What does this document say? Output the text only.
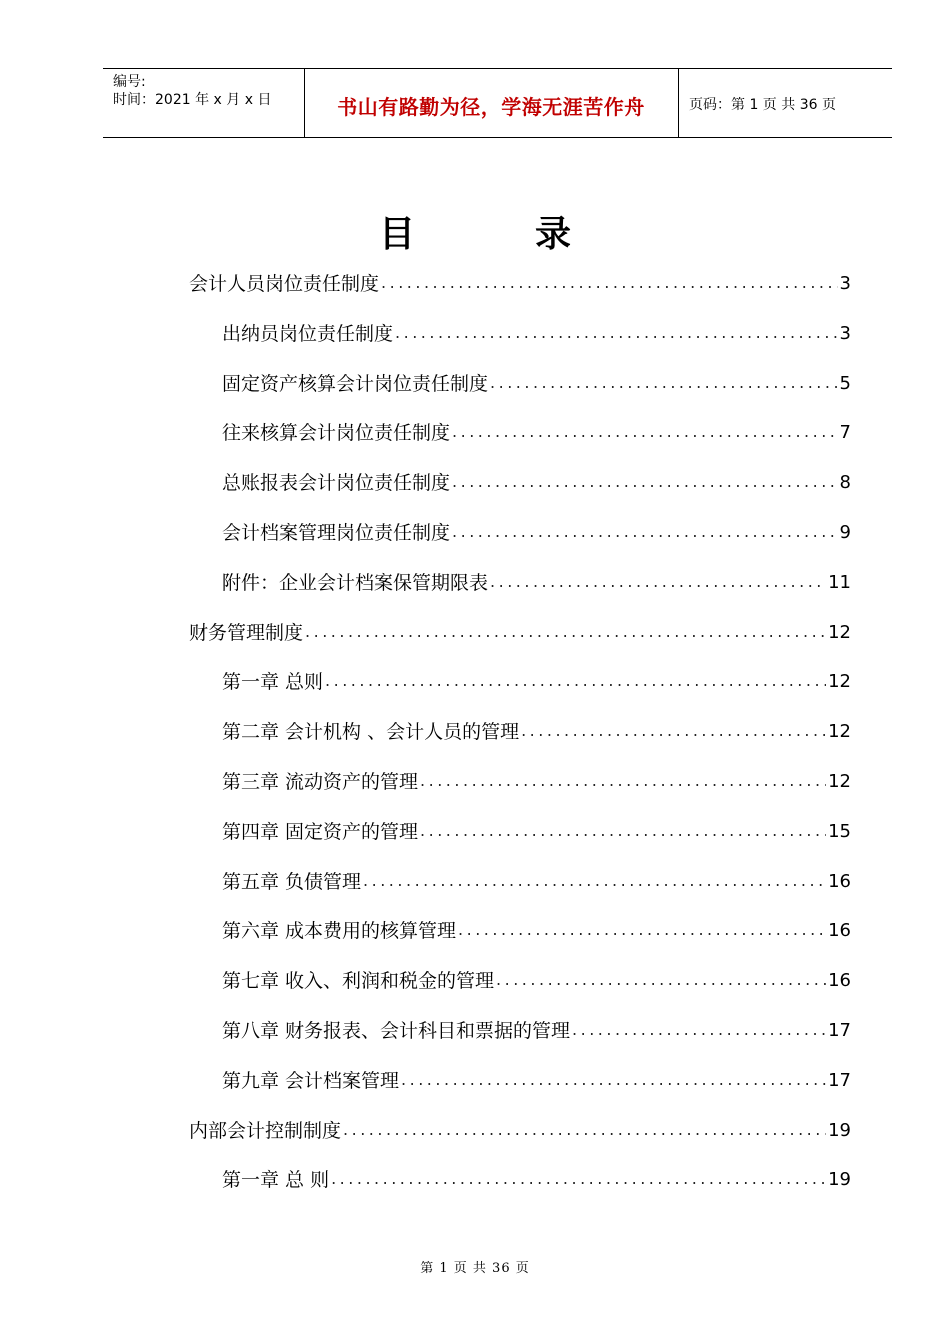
编号:
时间：2021 年 x 月 x 日	书山有路勤为径，学海无涯苦作舟	页码：第 1 页 共 36 页
目	录
会计人员岗位责任制度 .....	3
出纳员岗位责任制度 .....	3
固定资产核算会计岗位责任制度 .....	5
往来核算会计岗位责任制度 .....	7
总账报表会计岗位责任制度 .....	8
会计档案管理岗位责任制度 .....	9
附件：企业会计档案保管期限表 .....	11
财务管理制度 .....	12
第一章 总则 .....	12
第二章 会计机构 、会计人员的管理 .....	12
第三章 流动资产的管理 .....	12
第四章 固定资产的管理 .....	15
第五章 负债管理 .....	16
第六章 成本费用的核算管理 .....	16
第七章 收入、利润和税金的管理 .....	16
第八章 财务报表、会计科目和票据的管理 .....	17
第九章 会计档案管理 .....	17
内部会计控制制度 .....	19
第一章 总 则 .....	19
第 1 页 共 36 页
